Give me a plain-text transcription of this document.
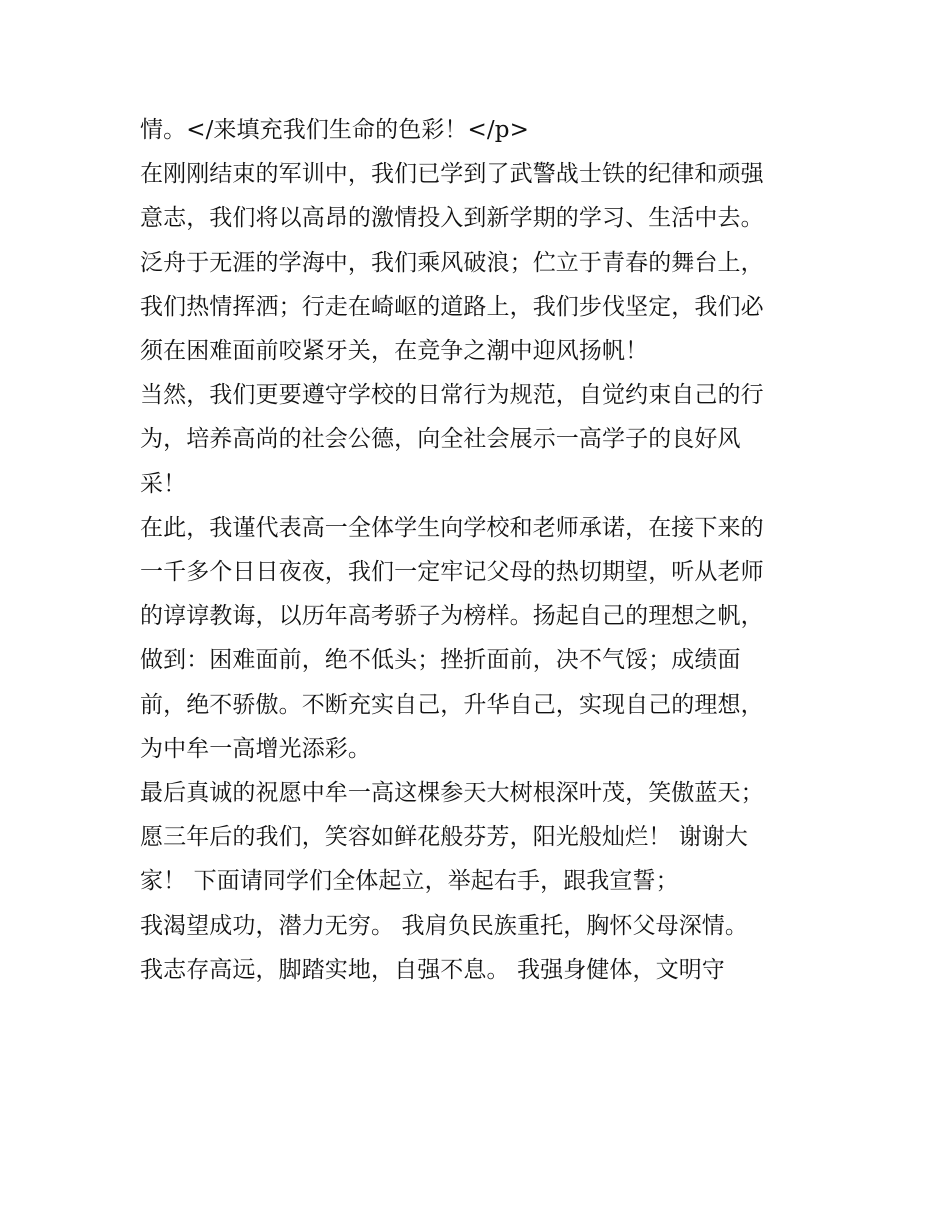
情。</来填充我们生命的色彩！</p>
在刚刚结束的军训中，我们已学到了武警战士铁的纪律和顽强
意志，我们将以高昂的激情投入到新学期的学习、生活中去。
泛舟于无涯的学海中，我们乘风破浪；伫立于青春的舞台上，
我们热情挥洒；行走在崎岖的道路上，我们步伐坚定，我们必
须在困难面前咬紧牙关，在竞争之潮中迎风扬帆！
当然，我们更要遵守学校的日常行为规范，自觉约束自己的行
为，培养高尚的社会公德，向全社会展示一高学子的良好风
采！
在此，我谨代表高一全体学生向学校和老师承诺，在接下来的
一千多个日日夜夜，我们一定牢记父母的热切期望，听从老师
的谆谆教诲，以历年高考骄子为榜样。扬起自己的理想之帆，
做到：困难面前，绝不低头；挫折面前，决不气馁；成绩面
前，绝不骄傲。不断充实自己，升华自己，实现自己的理想，
为中牟一高增光添彩。
最后真诚的祝愿中牟一高这棵参天大树根深叶茂，笑傲蓝天；
愿三年后的我们，笑容如鲜花般芬芳，阳光般灿烂！ 谢谢大
家！ 下面请同学们全体起立，举起右手，跟我宣誓；
我渴望成功，潜力无穷。 我肩负民族重托，胸怀父母深情。
我志存高远，脚踏实地，自强不息。 我强身健体，文明守
